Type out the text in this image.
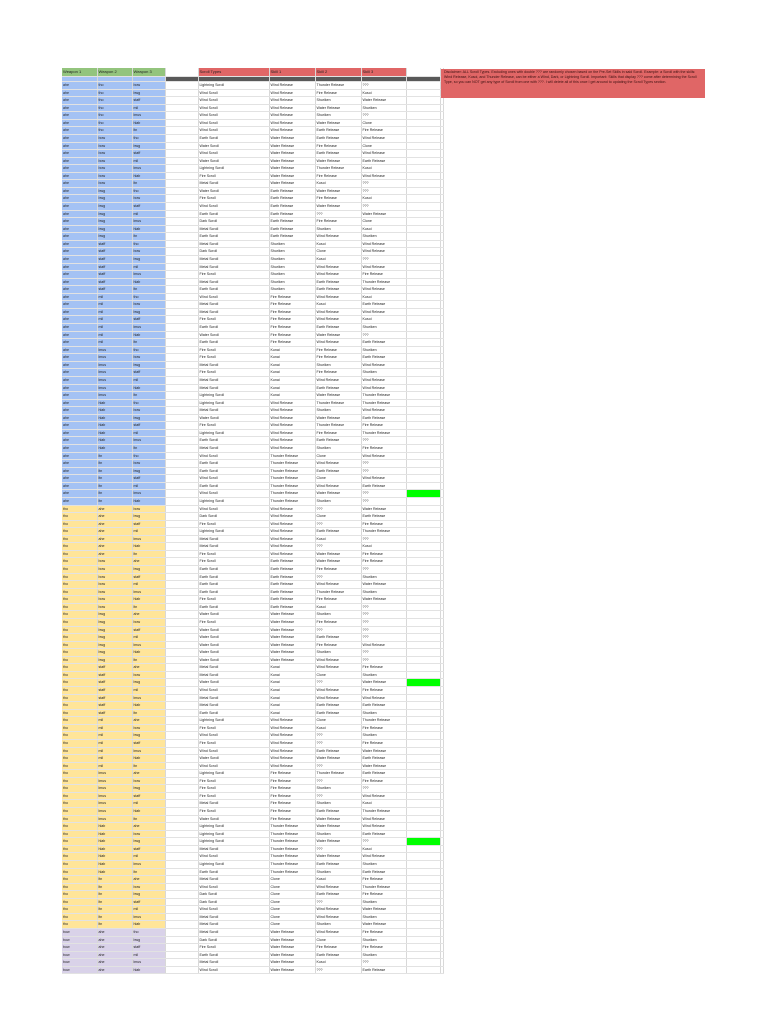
Weapon 1	Weapon 2	Weapon 3		Scroll Types	Skill 1	Skill 2	Skill 3		

ahe	tho	bow		Lightning Scroll	Wind Release	Thunder Release	???		
ahe	tho	bwg		Wind Scroll	Wind Release	Fire Release	Kusoi		
ahe	tho	staff		Wind Scroll	Wind Release	Shuriken	Water Release		
ahe	tho	mil		Wind Scroll	Wind Release	Water Release	Shuriken		
ahe	tho	lmus		Wind Scroll	Wind Release	Shuriken	???		
ahe	tho	hlab		Wind Scroll	Wind Release	Water Release	Clone		
ahe	tho	ltn		Wind Scroll	Wind Release	Earth Release	Fire Release		
ahe	bow	tho		Earth Scroll	Water Release	Earth Release	Wind Release		
ahe	bow	bwg		Water Scroll	Water Release	Fire Release	Clone		
ahe	bow	staff		Wind Scroll	Water Release	Earth Release	Wind Release		
ahe	bow	mil		Water Scroll	Water Release	Water Release	Earth Release		
ahe	bow	lmus		Lightning Scroll	Water Release	Thunder Release	Kusoi		
ahe	bow	hlab		Fire Scroll	Water Release	Fire Release	Wind Release		
ahe	bow	ltn		Metal Scroll	Water Release	Kusoi	???		
ahe	bwg	tho		Water Scroll	Earth Release	Water Release	???		
ahe	bwg	bow		Fire Scroll	Earth Release	Fire Release	Kusoi		
ahe	bwg	staff		Wind Scroll	Earth Release	Water Release	???		
ahe	bwg	mil		Earth Scroll	Earth Release	???	Water Release		
ahe	bwg	lmus		Dark Scroll	Earth Release	Fire Release	Clone		
ahe	bwg	hlab		Metal Scroll	Earth Release	Shuriken	Kusoi		
ahe	bwg	ltn		Earth Scroll	Earth Release	Wind Release	Shuriken		
ahe	staff	tho		Metal Scroll	Shuriken	Kusoi	Wind Release		
ahe	staff	bow		Dark Scroll	Shuriken	Clone	Wind Release		
ahe	staff	bwg		Metal Scroll	Shuriken	Kusoi	???		
ahe	staff	mil		Metal Scroll	Shuriken	Wind Release	Wind Release		
ahe	staff	lmus		Fire Scroll	Shuriken	Wind Release	Fire Release		
ahe	staff	hlab		Metal Scroll	Shuriken	Earth Release	Thunder Release		
ahe	staff	ltn		Earth Scroll	Shuriken	Earth Release	Wind Release		
ahe	mil	tho		Wind Scroll	Fire Release	Wind Release	Kusoi		
ahe	mil	bow		Metal Scroll	Fire Release	Kusoi	Earth Release		
ahe	mil	bwg		Metal Scroll	Fire Release	Wind Release	Wind Release		
ahe	mil	staff		Fire Scroll	Fire Release	Wind Release	Kusoi		
ahe	mil	lmus		Earth Scroll	Fire Release	Earth Release	Shuriken		
ahe	mil	hlab		Water Scroll	Fire Release	Water Release	???		
ahe	mil	ltn		Earth Scroll	Fire Release	Wind Release	Earth Release		
ahe	lmus	tho		Fire Scroll	Kunai	Fire Release	Shuriken		
ahe	lmus	bow		Fire Scroll	Kunai	Fire Release	Earth Release		
ahe	lmus	bwg		Metal Scroll	Kunai	Shuriken	Wind Release		
ahe	lmus	staff		Fire Scroll	Kunai	Fire Release	Shuriken		
ahe	lmus	mil		Metal Scroll	Kunai	Wind Release	Wind Release		
ahe	lmus	hlab		Metal Scroll	Kunai	Earth Release	Wind Release		
ahe	lmus	ltn		Lightning Scroll	Kunai	Water Release	Thunder Release		
ahe	hlab	tho		Lightning Scroll	Wind Release	Thunder Release	Thunder Release		
ahe	hlab	bow		Metal Scroll	Wind Release	Shuriken	Wind Release		
ahe	hlab	bwg		Water Scroll	Wind Release	Water Release	Earth Release		
ahe	hlab	staff		Fire Scroll	Wind Release	Thunder Release	Fire Release		
ahe	hlab	mil		Lightning Scroll	Wind Release	Fire Release	Thunder Release		
ahe	hlab	lmus		Earth Scroll	Wind Release	Earth Release	???		
ahe	hlab	ltn		Metal Scroll	Wind Release	Shuriken	Fire Release		
ahe	ltn	tho		Wind Scroll	Thunder Release	Clone	Wind Release		
ahe	ltn	bow		Earth Scroll	Thunder Release	Wind Release	???		
ahe	ltn	bwg		Earth Scroll	Thunder Release	Earth Release	???		
ahe	ltn	staff		Wind Scroll	Thunder Release	Clone	Wind Release		
ahe	ltn	mil		Earth Scroll	Thunder Release	Wind Release	Earth Release		
ahe	ltn	lmus		Wind Scroll	Thunder Release	Water Release	???		
ahe	ltn	hlab		Lightning Scroll	Thunder Release	Shuriken	???		
tho	ahe	bow		Wind Scroll	Wind Release	???	Water Release		
tho	ahe	bwg		Dark Scroll	Wind Release	Clone	Earth Release		
tho	ahe	staff		Fire Scroll	Wind Release	???	Fire Release		
tho	ahe	mil		Lightning Scroll	Wind Release	Earth Release	Thunder Release		
tho	ahe	lmus		Metal Scroll	Wind Release	Kusoi	???		
tho	ahe	hlab		Metal Scroll	Wind Release	???	Kusoi		
tho	ahe	ltn		Fire Scroll	Wind Release	Water Release	Fire Release		
tho	bow	ahe		Fire Scroll	Earth Release	Water Release	Fire Release		
tho	bow	bwg		Earth Scroll	Earth Release	Fire Release	???		
tho	bow	staff		Earth Scroll	Earth Release	???	Shuriken		
tho	bow	mil		Earth Scroll	Earth Release	Wind Release	Water Release		
tho	bow	lmus		Earth Scroll	Earth Release	Thunder Release	Shuriken		
tho	bow	hlab		Fire Scroll	Earth Release	Fire Release	Water Release		
tho	bow	ltn		Earth Scroll	Earth Release	Kusoi	???		
tho	bwg	ahe		Water Scroll	Water Release	Shuriken	???		
tho	bwg	bow		Fire Scroll	Water Release	Fire Release	???		
tho	bwg	staff		Water Scroll	Water Release	???	???		
tho	bwg	mil		Water Scroll	Water Release	Earth Release	???		
tho	bwg	lmus		Water Scroll	Water Release	Fire Release	Wind Release		
tho	bwg	hlab		Water Scroll	Water Release	Shuriken	???		
tho	bwg	ltn		Water Scroll	Water Release	Wind Release	???		
tho	staff	ahe		Metal Scroll	Kunai	Wind Release	Fire Release		
tho	staff	bow		Metal Scroll	Kunai	Clone	Shuriken		
tho	staff	bwg		Water Scroll	Kunai	???	Water Release		
tho	staff	mil		Wind Scroll	Kunai	Wind Release	Fire Release		
tho	staff	lmus		Metal Scroll	Kunai	Wind Release	Wind Release		
tho	staff	hlab		Metal Scroll	Kunai	Earth Release	Earth Release		
tho	staff	ltn		Earth Scroll	Kunai	Earth Release	Shuriken		
tho	mil	ahe		Lightning Scroll	Wind Release	Clone	Thunder Release		
tho	mil	bow		Fire Scroll	Wind Release	Kusoi	Fire Release		
tho	mil	bwg		Wind Scroll	Wind Release	???	Shuriken		
tho	mil	staff		Fire Scroll	Wind Release	???	Fire Release		
tho	mil	lmus		Wind Scroll	Wind Release	Earth Release	Water Release		
tho	mil	hlab		Water Scroll	Wind Release	Water Release	Earth Release		
tho	mil	ltn		Wind Scroll	Wind Release	???	Water Release		
tho	lmus	ahe		Lightning Scroll	Fire Release	Thunder Release	Earth Release		
tho	lmus	bow		Fire Scroll	Fire Release	???	Fire Release		
tho	lmus	bwg		Fire Scroll	Fire Release	Shuriken	???		
tho	lmus	staff		Fire Scroll	Fire Release	???	Wind Release		
tho	lmus	mil		Metal Scroll	Fire Release	Shuriken	Kusoi		
tho	lmus	hlab		Fire Scroll	Fire Release	Earth Release	Thunder Release		
tho	lmus	ltn		Water Scroll	Fire Release	Water Release	Wind Release		
tho	hlab	ahe		Lightning Scroll	Thunder Release	Water Release	Wind Release		
tho	hlab	bow		Lightning Scroll	Thunder Release	Shuriken	Earth Release		
tho	hlab	bwg		Lightning Scroll	Thunder Release	Water Release	???		
tho	hlab	staff		Metal Scroll	Thunder Release	???	Kusoi		
tho	hlab	mil		Wind Scroll	Thunder Release	Water Release	Wind Release		
tho	hlab	lmus		Lightning Scroll	Thunder Release	Earth Release	Shuriken		
tho	hlab	ltn		Earth Scroll	Thunder Release	Shuriken	Earth Release		
tho	ltn	ahe		Metal Scroll	Clone	Kusoi	Fire Release		
tho	ltn	bow		Wind Scroll	Clone	Wind Release	Thunder Release		
tho	ltn	bwg		Dark Scroll	Clone	Earth Release	Fire Release		
tho	ltn	staff		Dark Scroll	Clone	???	Shuriken		
tho	ltn	mil		Wind Scroll	Clone	Wind Release	Water Release		
tho	ltn	lmus		Metal Scroll	Clone	Wind Release	Shuriken		
tho	ltn	hlab		Metal Scroll	Clone	Shuriken	Water Release		
bow	ahe	tho		Metal Scroll	Water Release	Wind Release	Fire Release		
bow	ahe	bwg		Dark Scroll	Water Release	Clone	Shuriken		
bow	ahe	staff		Fire Scroll	Water Release	Fire Release	Fire Release		
bow	ahe	mil		Earth Scroll	Water Release	Earth Release	Shuriken		
bow	ahe	lmus		Metal Scroll	Water Release	Kusoi	???		
bow	ahe	hlab		Wind Scroll	Water Release	???	Earth Release		
Disclaimer: ALL Scroll Types. Excluding ones with double ??? are randomly chosen based on the Pre-Set Skills in said Scroll. Example: a Scroll with the skills: Wind Release, Kusoi, and Thunder Release, can be either a Wind, Dark, or Lightning Scroll. Important: Skills that display ??? come after determining the Scroll Type, so you can NOT get any type of Scroll from one with ???. I will delete all of this once I get around to updating the Scroll Types section.
